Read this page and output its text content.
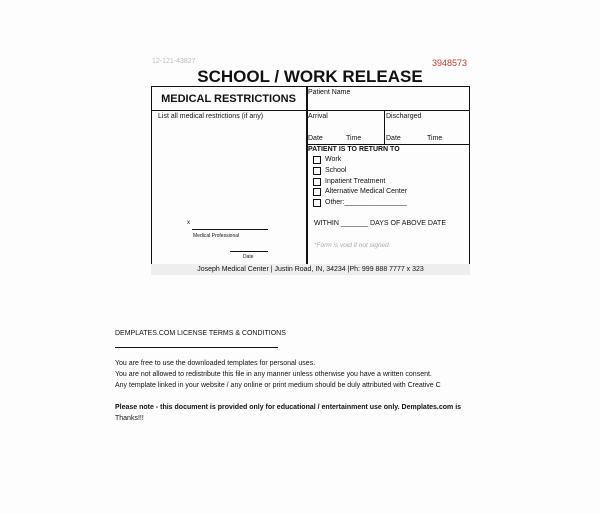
12-121-43827	3948573
SCHOOL / WORK RELEASE
MEDICAL RESTRICTIONS
List all medical restrictions (if any)
Patient Name
Arrival	Discharged
Date	Time	Date	Time
PATIENT IS TO RETURN TO
Work
School
Inpatient Treatment
Alternative Medical Center
Other:________________
WITHIN _______ DAYS OF ABOVE DATE
*Form is void if not signed
x
Medical Professional
Date
Joseph Medical Center | Justin Road, IN, 34234 |Ph: 999 888 7777 x 323
DEMPLATES.COM LICENSE TERMS & CONDITIONS
You are free to use the downloaded templates for personal uses.
You are not allowed to redistribute this file in any manner unless otherwise you have a written consent.
Any template linked in your website / any online or print medium should be duly attributed with Creative C
Please note - this document is provided only for educational / entertainment use only. Demplates.com is
Thanks!!!
